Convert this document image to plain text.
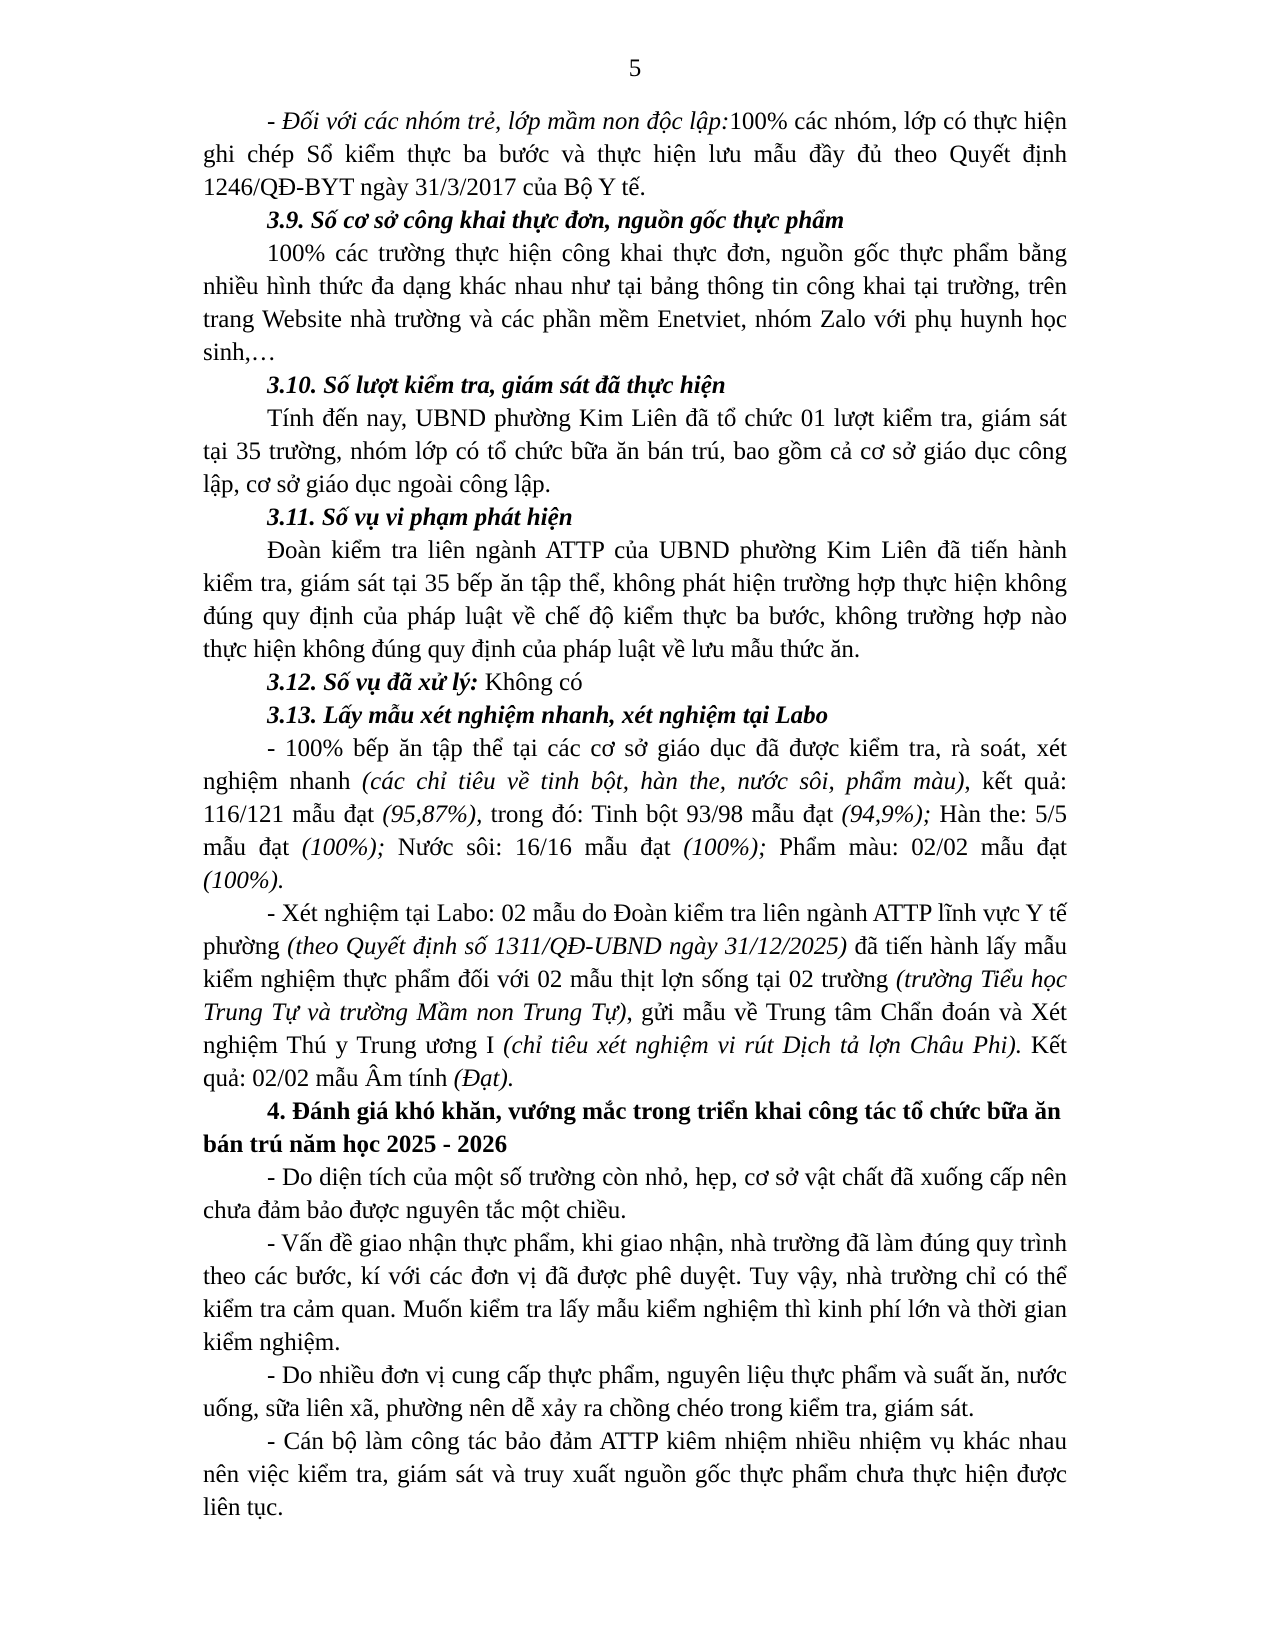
5

- Đối với các nhóm trẻ, lớp mầm non độc lập:100% các nhóm, lớp có thực hiện ghi chép Sổ kiểm thực ba bước và thực hiện lưu mẫu đầy đủ theo Quyết định 1246/QĐ-BYT ngày 31/3/2017 của Bộ Y tế.

3.9. Số cơ sở công khai thực đơn, nguồn gốc thực phẩm

100% các trường thực hiện công khai thực đơn, nguồn gốc thực phẩm bằng nhiều hình thức đa dạng khác nhau như tại bảng thông tin công khai tại trường, trên trang Website nhà trường và các phần mềm Enetviet, nhóm Zalo với phụ huynh học sinh,…

3.10. Số lượt kiểm tra, giám sát đã thực hiện

Tính đến nay, UBND phường Kim Liên đã tổ chức 01 lượt kiểm tra, giám sát tại 35 trường, nhóm lớp có tổ chức bữa ăn bán trú, bao gồm cả cơ sở giáo dục công lập, cơ sở giáo dục ngoài công lập.

3.11. Số vụ vi phạm phát hiện

Đoàn kiểm tra liên ngành ATTP của UBND phường Kim Liên đã tiến hành kiểm tra, giám sát tại 35 bếp ăn tập thể, không phát hiện trường hợp thực hiện không đúng quy định của pháp luật về chế độ kiểm thực ba bước, không trường hợp nào thực hiện không đúng quy định của pháp luật về lưu mẫu thức ăn.

3.12. Số vụ đã xử lý: Không có

3.13. Lấy mẫu xét nghiệm nhanh, xét nghiệm tại Labo

- 100% bếp ăn tập thể tại các cơ sở giáo dục đã được kiểm tra, rà soát, xét nghiệm nhanh (các chỉ tiêu về tinh bột, hàn the, nước sôi, phẩm màu), kết quả: 116/121 mẫu đạt (95,87%), trong đó: Tinh bột 93/98 mẫu đạt (94,9%); Hàn the: 5/5 mẫu đạt (100%); Nước sôi: 16/16 mẫu đạt (100%); Phẩm màu: 02/02 mẫu đạt (100%).

- Xét nghiệm tại Labo: 02 mẫu do Đoàn kiểm tra liên ngành ATTP lĩnh vực Y tế phường (theo Quyết định số 1311/QĐ-UBND ngày 31/12/2025) đã tiến hành lấy mẫu kiểm nghiệm thực phẩm đối với 02 mẫu thịt lợn sống tại 02 trường (trường Tiểu học Trung Tự và trường Mầm non Trung Tự), gửi mẫu về Trung tâm Chẩn đoán và Xét nghiệm Thú y Trung ương I (chỉ tiêu xét nghiệm vi rút Dịch tả lợn Châu Phi). Kết quả: 02/02 mẫu Âm tính (Đạt).

4. Đánh giá khó khăn, vướng mắc trong triển khai công tác tổ chức bữa ăn bán trú năm học 2025 - 2026

- Do diện tích của một số trường còn nhỏ, hẹp, cơ sở vật chất đã xuống cấp nên chưa đảm bảo được nguyên tắc một chiều.

- Vấn đề giao nhận thực phẩm, khi giao nhận, nhà trường đã làm đúng quy trình theo các bước, kí với các đơn vị đã được phê duyệt. Tuy vậy, nhà trường chỉ có thể kiểm tra cảm quan. Muốn kiểm tra lấy mẫu kiểm nghiệm thì kinh phí lớn và thời gian kiểm nghiệm.

- Do nhiều đơn vị cung cấp thực phẩm, nguyên liệu thực phẩm và suất ăn, nước uống, sữa liên xã, phường nên dễ xảy ra chồng chéo trong kiểm tra, giám sát.

- Cán bộ làm công tác bảo đảm ATTP kiêm nhiệm nhiều nhiệm vụ khác nhau nên việc kiểm tra, giám sát và truy xuất nguồn gốc thực phẩm chưa thực hiện được liên tục.
